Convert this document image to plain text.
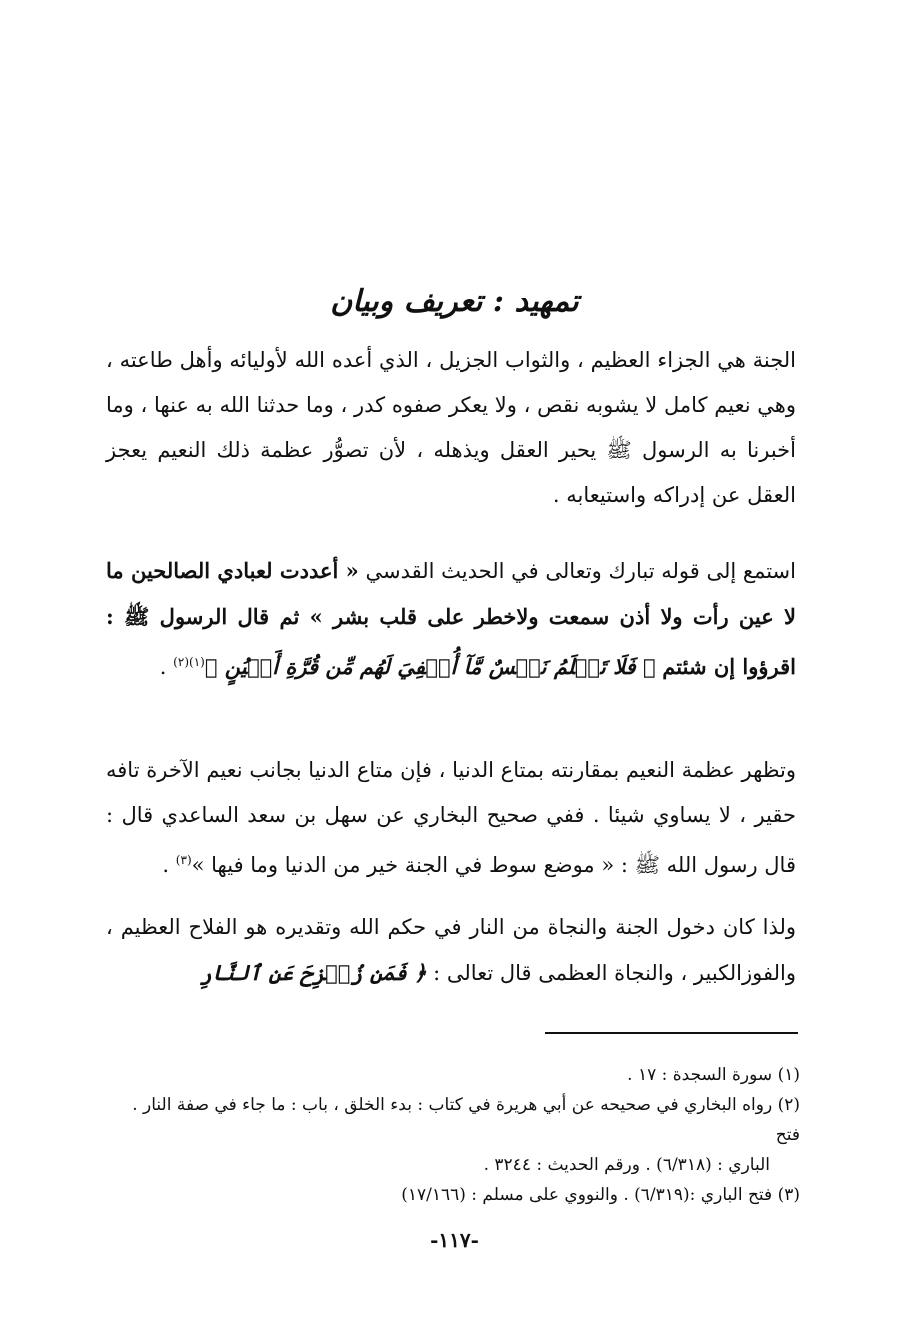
تمهيد : تعريف وبيان

الجنة هي الجزاء العظيم ، والثواب الجزيل ، الذي أعده الله لأوليائه وأهل طاعته ، وهي نعيم كامل لا يشوبه نقص ، ولا يعكر صفوه كدر ، وما حدثنا الله به عنها ، وما أخبرنا به الرسول ﷺ يحير العقل ويذهله ، لأن تصوُّر عظمة ذلك النعيم يعجز العقل عن إدراكه واستيعابه .

استمع إلى قوله تبارك وتعالى في الحديث القدسي « أعددت لعبادي الصالحين ما لا عين رأت ولا أذن سمعت ولاخطر على قلب بشر » ثم قال الرسول ﷺ : اقرؤوا إن شئتم ﴿ فَلَا تَعۡلَمُ نَفۡسٌ مَّآ أُخۡفِيَ لَهُم مِّن قُرَّةِ أَعۡيُنٍ ﴾$^{(١)(٢)}$ .

وتظهر عظمة النعيم بمقارنته بمتاع الدنيا ، فإن متاع الدنيا بجانب نعيم الآخرة تافه حقير ، لا يساوي شيئا . ففي صحيح البخاري عن سهل بن سعد الساعدي قال : قال رسول الله ﷺ : « موضع سوط في الجنة خير من الدنيا وما فيها »$^{(٣)}$ .

ولذا كان دخول الجنة والنجاة من النار في حكم الله وتقديره هو الفلاح العظيم ، والفوزالكبير ، والنجاة العظمى قال تعالى : ﴿ فَمَن زُحۡزِحَ عَنِ ٱلنَّارِ

(١) سورة السجدة : ١٧ .

(٢) رواه البخاري في صحيحه عن أبي هريرة في كتاب : بدء الخلق ، باب : ما جاء في صفة النار . فتح

الباري : (٦/٣١٨) . ورقم الحديث : ٣٢٤٤ .

(٣) فتح الباري :(٦/٣١٩) . والنووي على مسلم : (١٧/١٦٦)

-١١٧-
